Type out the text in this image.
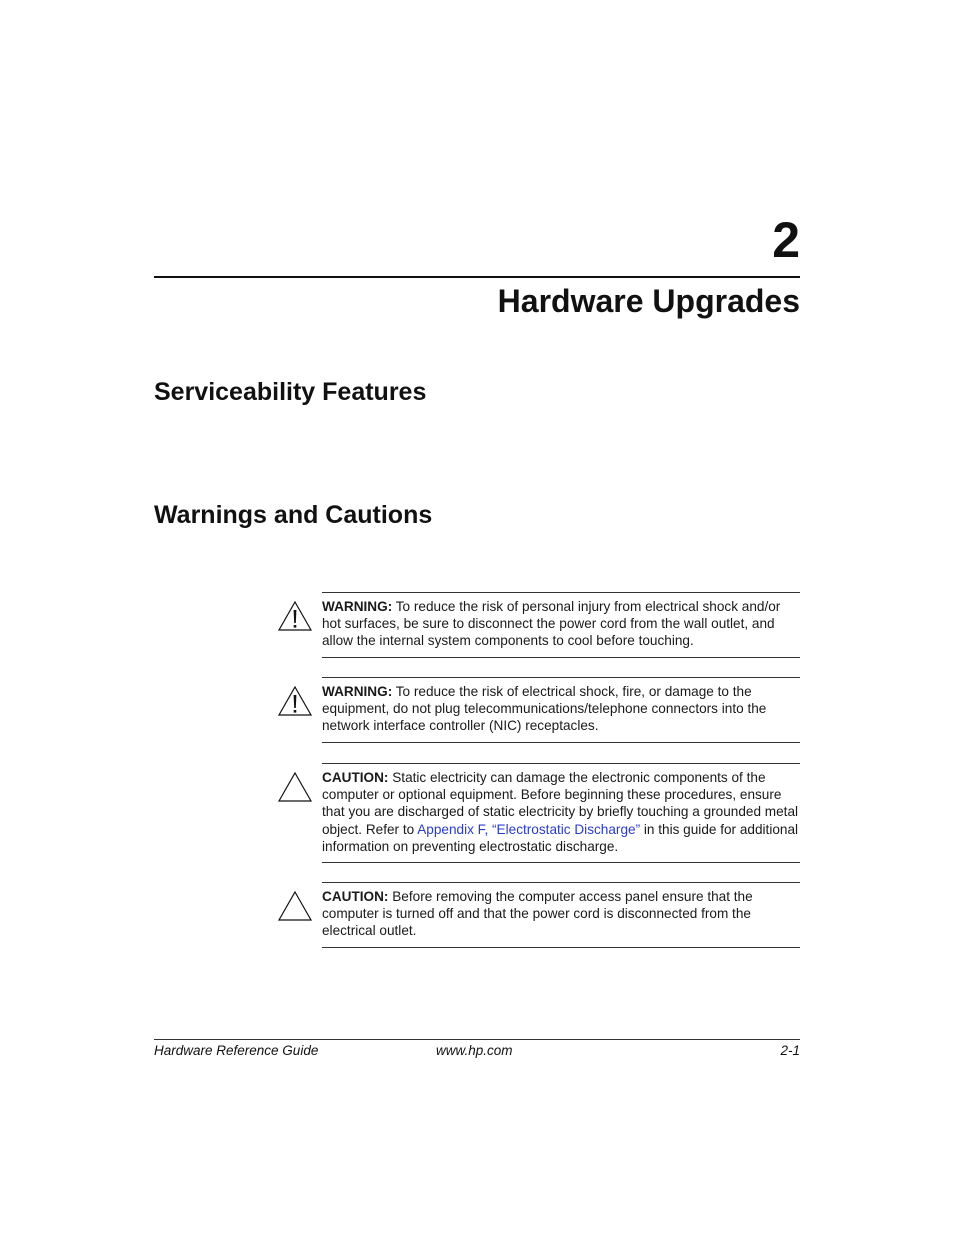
2
Hardware Upgrades
Serviceability Features
Warnings and Cautions
WARNING: To reduce the risk of personal injury from electrical shock and/or hot surfaces, be sure to disconnect the power cord from the wall outlet, and allow the internal system components to cool before touching.
WARNING: To reduce the risk of electrical shock, fire, or damage to the equipment, do not plug telecommunications/telephone connectors into the network interface controller (NIC) receptacles.
CAUTION: Static electricity can damage the electronic components of the computer or optional equipment. Before beginning these procedures, ensure that you are discharged of static electricity by briefly touching a grounded metal object. Refer to Appendix F, “Electrostatic Discharge” in this guide for additional information on preventing electrostatic discharge.
CAUTION: Before removing the computer access panel ensure that the computer is turned off and that the power cord is disconnected from the electrical outlet.
Hardware Reference Guide	www.hp.com	2-1
